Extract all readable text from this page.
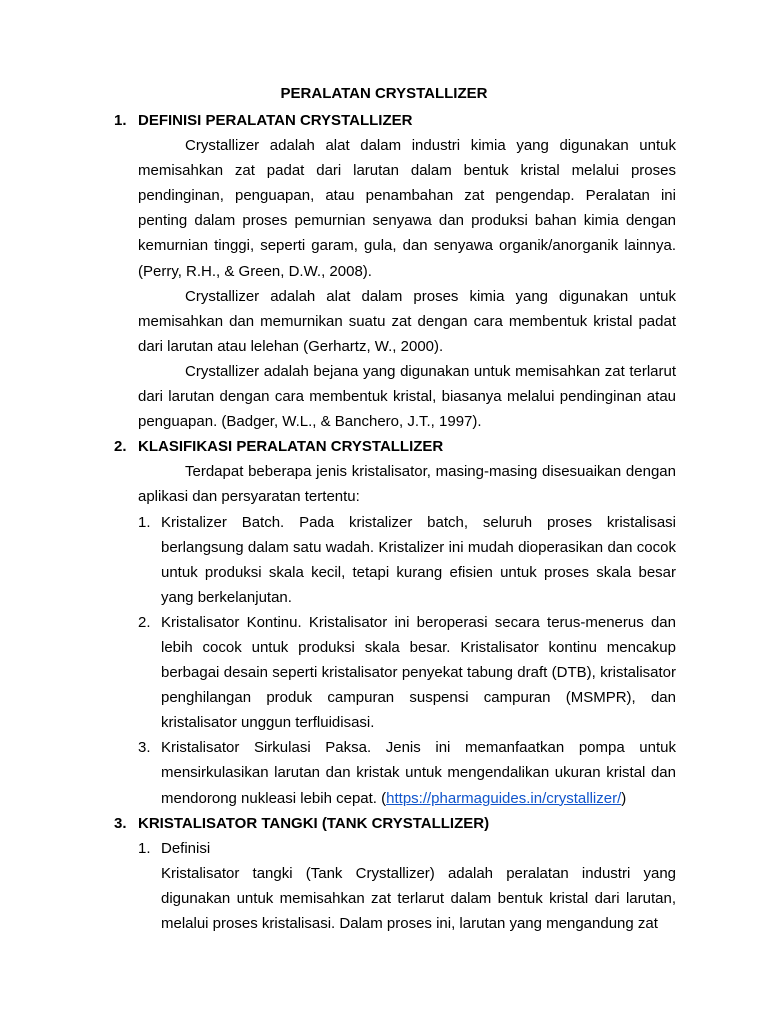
PERALATAN CRYSTALLIZER
1. DEFINISI PERALATAN CRYSTALLIZER

Crystallizer adalah alat dalam industri kimia yang digunakan untuk memisahkan zat padat dari larutan dalam bentuk kristal melalui proses pendinginan, penguapan, atau penambahan zat pengendap. Peralatan ini penting dalam proses pemurnian senyawa dan produksi bahan kimia dengan kemurnian tinggi, seperti garam, gula, dan senyawa organik/anorganik lainnya. (Perry, R.H., & Green, D.W., 2008).

Crystallizer adalah alat dalam proses kimia yang digunakan untuk memisahkan dan memurnikan suatu zat dengan cara membentuk kristal padat dari larutan atau lelehan (Gerhartz, W., 2000).

Crystallizer adalah bejana yang digunakan untuk memisahkan zat terlarut dari larutan dengan cara membentuk kristal, biasanya melalui pendinginan atau penguapan. (Badger, W.L., & Banchero, J.T., 1997).

2. KLASIFIKASI PERALATAN CRYSTALLIZER

Terdapat beberapa jenis kristalisator, masing-masing disesuaikan dengan aplikasi dan persyaratan tertentu:

1. Kristalizer Batch. Pada kristalizer batch, seluruh proses kristalisasi berlangsung dalam satu wadah. Kristalizer ini mudah dioperasikan dan cocok untuk produksi skala kecil, tetapi kurang efisien untuk proses skala besar yang berkelanjutan.
2. Kristalisator Kontinu. Kristalisator ini beroperasi secara terus-menerus dan lebih cocok untuk produksi skala besar. Kristalisator kontinu mencakup berbagai desain seperti kristalisator penyekat tabung draft (DTB), kristalisator penghilangan produk campuran suspensi campuran (MSMPR), dan kristalisator unggun terfluidisasi.
3. Kristalisator Sirkulasi Paksa. Jenis ini memanfaatkan pompa untuk mensirkulasikan larutan dan kristak untuk mengendalikan ukuran kristal dan mendorong nukleasi lebih cepat. (https://pharmaguides.in/crystallizer/)
3. KRISTALISATOR TANGKI (TANK CRYSTALLIZER)
1. Definisi
Kristalisator tangki (Tank Crystallizer) adalah peralatan industri yang digunakan untuk memisahkan zat terlarut dalam bentuk kristal dari larutan, melalui proses kristalisasi. Dalam proses ini, larutan yang mengandung zat
